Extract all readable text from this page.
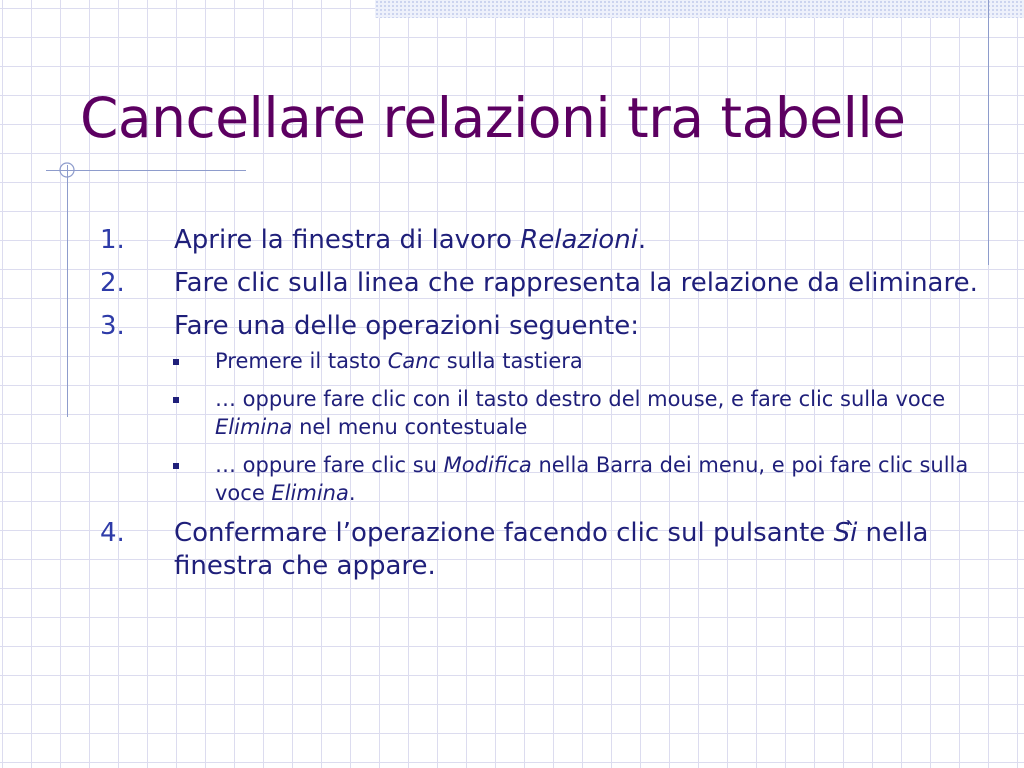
Cancellare relazioni tra tabelle
1. Aprire la finestra di lavoro Relazioni.
2. Fare clic sulla linea che rappresenta la relazione da eliminare.
3. Fare una delle operazioni seguente:
Premere il tasto Canc sulla tastiera
… oppure fare clic con il tasto destro del mouse, e fare clic sulla voce Elimina nel menu contestuale
… oppure fare clic su Modifica nella Barra dei menu, e poi fare clic sulla voce Elimina.
4. Confermare l’operazione facendo clic sul pulsante Sì nella finestra che appare.
